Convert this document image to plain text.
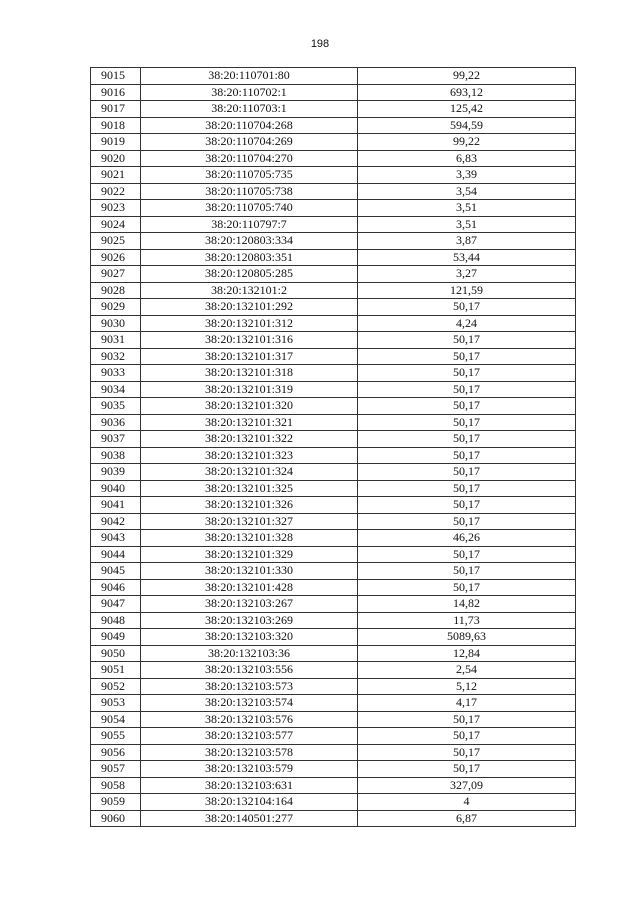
198
9015	38:20:110701:80	99,22
9016	38:20:110702:1	693,12
9017	38:20:110703:1	125,42
9018	38:20:110704:268	594,59
9019	38:20:110704:269	99,22
9020	38:20:110704:270	6,83
9021	38:20:110705:735	3,39
9022	38:20:110705:738	3,54
9023	38:20:110705:740	3,51
9024	38:20:110797:7	3,51
9025	38:20:120803:334	3,87
9026	38:20:120803:351	53,44
9027	38:20:120805:285	3,27
9028	38:20:132101:2	121,59
9029	38:20:132101:292	50,17
9030	38:20:132101:312	4,24
9031	38:20:132101:316	50,17
9032	38:20:132101:317	50,17
9033	38:20:132101:318	50,17
9034	38:20:132101:319	50,17
9035	38:20:132101:320	50,17
9036	38:20:132101:321	50,17
9037	38:20:132101:322	50,17
9038	38:20:132101:323	50,17
9039	38:20:132101:324	50,17
9040	38:20:132101:325	50,17
9041	38:20:132101:326	50,17
9042	38:20:132101:327	50,17
9043	38:20:132101:328	46,26
9044	38:20:132101:329	50,17
9045	38:20:132101:330	50,17
9046	38:20:132101:428	50,17
9047	38:20:132103:267	14,82
9048	38:20:132103:269	11,73
9049	38:20:132103:320	5089,63
9050	38:20:132103:36	12,84
9051	38:20:132103:556	2,54
9052	38:20:132103:573	5,12
9053	38:20:132103:574	4,17
9054	38:20:132103:576	50,17
9055	38:20:132103:577	50,17
9056	38:20:132103:578	50,17
9057	38:20:132103:579	50,17
9058	38:20:132103:631	327,09
9059	38:20:132104:164	4
9060	38:20:140501:277	6,87
